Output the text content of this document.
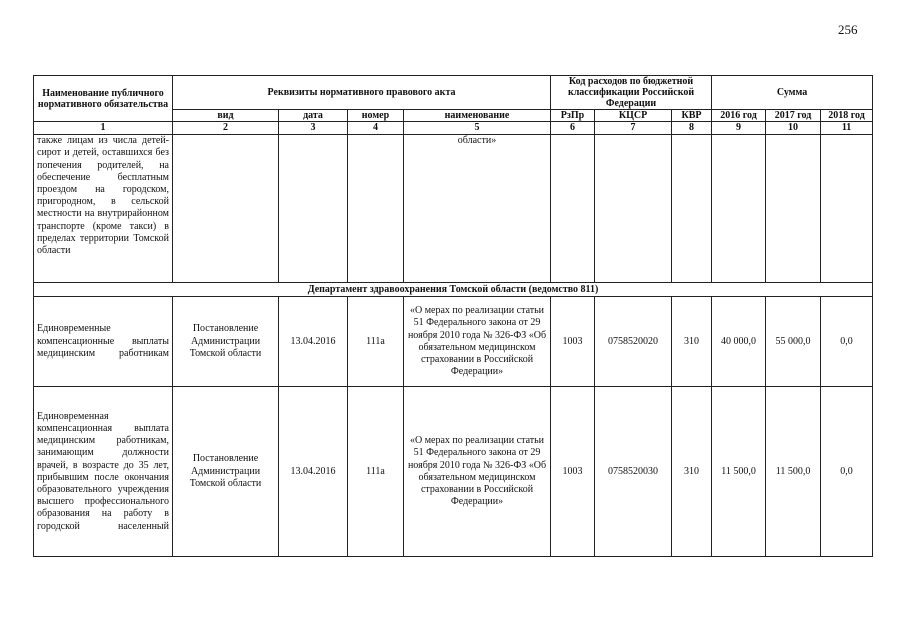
256
Наименование публичного нормативного обязательства	Реквизиты нормативного правового акта				Код расходов по бюджетной классификации Российской Федерации			Сумма		
	вид	дата	номер	наименование	РзПр	КЦСР	КВР	2016 год	2017 год	2018 год
1	2	3	4	5	6	7	8	9	10	11
также лицам из числа детей-сирот и детей, оставшихся без попечения родителей, на обеспечение бесплатным проездом на городском, пригородном, в сельской местности на внутрирайонном транспорте (кроме такси) в пределах территории Томской области				области»						
Департамент здравоохранения Томской области (ведомство 811)										
Единовременные компенсационные выплаты медицинским работникам	Постановление Администрации Томской области	13.04.2016	111а	«О мерах по реализации статьи 51 Федерального закона от 29 ноября 2010 года № 326-ФЗ «Об обязательном медицинском страховании в Российской Федерации»	1003	0758520020	310	40 000,0	55 000,0	0,0
Единовременная компенсационная выплата медицинским работникам, занимающим должности врачей, в возрасте до 35 лет, прибывшим после окончания образовательного учреждения высшего профессионального образования на работу в городской населенный	Постановление Администрации Томской области	13.04.2016	111а	«О мерах по реализации статьи 51 Федерального закона от 29 ноября 2010 года № 326-ФЗ «Об обязательном медицинском страховании в Российской Федерации»	1003	0758520030	310	11 500,0	11 500,0	0,0
